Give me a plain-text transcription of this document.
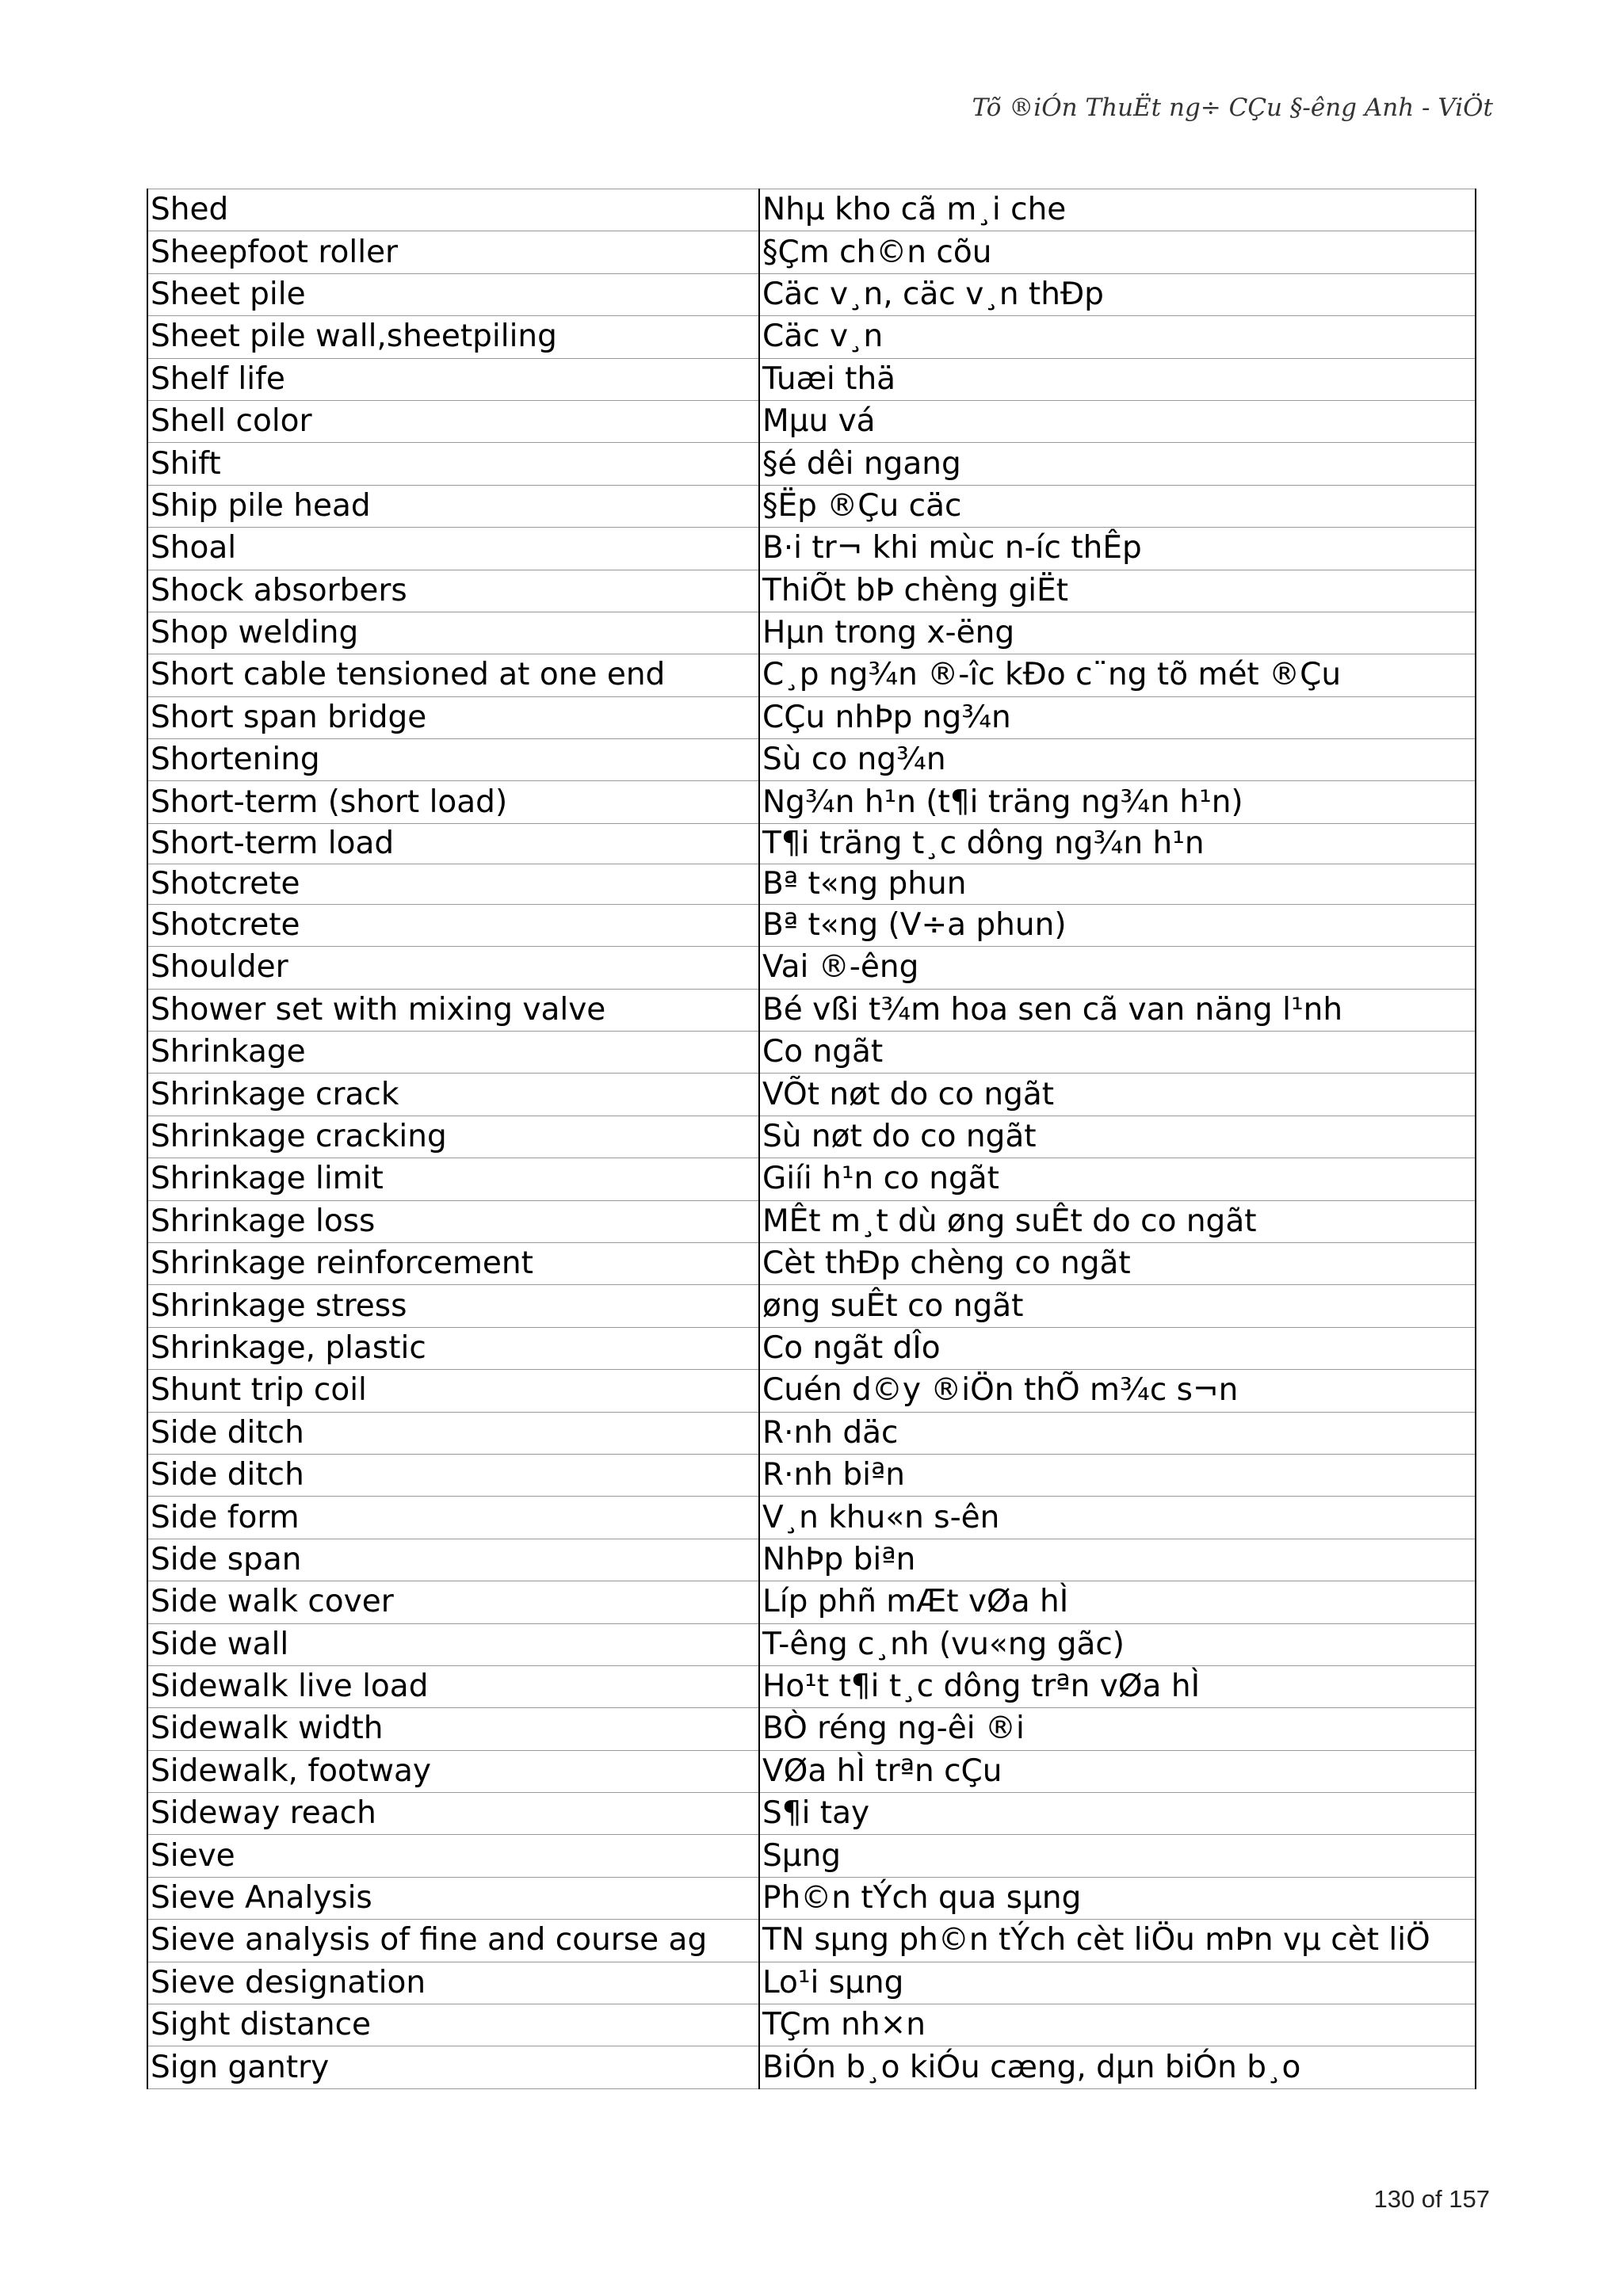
Tõ ®iÓn ThuËt ng÷ CÇu §-êng Anh - ViÖt
Shed	Nhµ kho cã m¸i che
Sheepfoot roller	§Çm ch©n cõu
Sheet pile	Cäc v¸n, cäc v¸n thÐp
Sheet pile wall,sheetpiling	Cäc v¸n
Shelf life	Tuæi thä
Shell color	Mµu vá
Shift	§é dêi ngang
Ship pile head	§Ëp ®Çu cäc
Shoal	B·i tr¬ khi mùc n-íc thÊp
Shock absorbers	ThiÕt bÞ chèng giËt
Shop welding	Hµn trong x-ëng
Short cable tensioned at one end	C¸p ng¾n ®-îc kÐo c¨ng tõ mét ®Çu
Short span bridge	CÇu nhÞp ng¾n
Shortening	Sù co ng¾n
Short-term (short load)	Ng¾n h¹n (t¶i träng ng¾n h¹n)
Short-term load	T¶i träng t¸c dông ng¾n h¹n
Shotcrete	Bª t«ng phun
Shotcrete	Bª t«ng (V÷a phun)
Shoulder	Vai ®-êng
Shower set with mixing valve	Bé vßi t¾m hoa sen cã van näng l¹nh
Shrinkage	Co ngãt
Shrinkage crack	VÕt nøt do co ngãt
Shrinkage cracking	Sù nøt do co ngãt
Shrinkage limit	Giíi h¹n co ngãt
Shrinkage loss	MÊt m¸t dù øng suÊt do co ngãt
Shrinkage reinforcement	Cèt thÐp chèng co ngãt
Shrinkage stress	øng suÊt co ngãt
Shrinkage, plastic	Co ngãt dÎo
Shunt trip coil	Cuén d©y ®iÖn thÕ m¾c s¬n
Side ditch	R·nh däc
Side ditch	R·nh biªn
Side form	V¸n khu«n s-ên
Side span	NhÞp biªn
Side walk cover	Líp phñ mÆt vØa hÌ
Side wall	T-êng c¸nh (vu«ng gãc)
Sidewalk live load	Ho¹t t¶i t¸c dông trªn vØa hÌ
Sidewalk width	BÒ réng ng-êi ®i
Sidewalk, footway	VØa hÌ trªn cÇu
Sideway reach	S¶i tay
Sieve	Sµng
Sieve Analysis	Ph©n tÝch qua sµng
Sieve analysis of fine and course ag	TN sµng ph©n tÝch cèt liÖu mÞn vµ cèt liÖ
Sieve designation	Lo¹i sµng
Sight distance	TÇm nh×n
Sign gantry	BiÓn b¸o kiÓu cæng, dµn biÓn b¸o
130 of 157
